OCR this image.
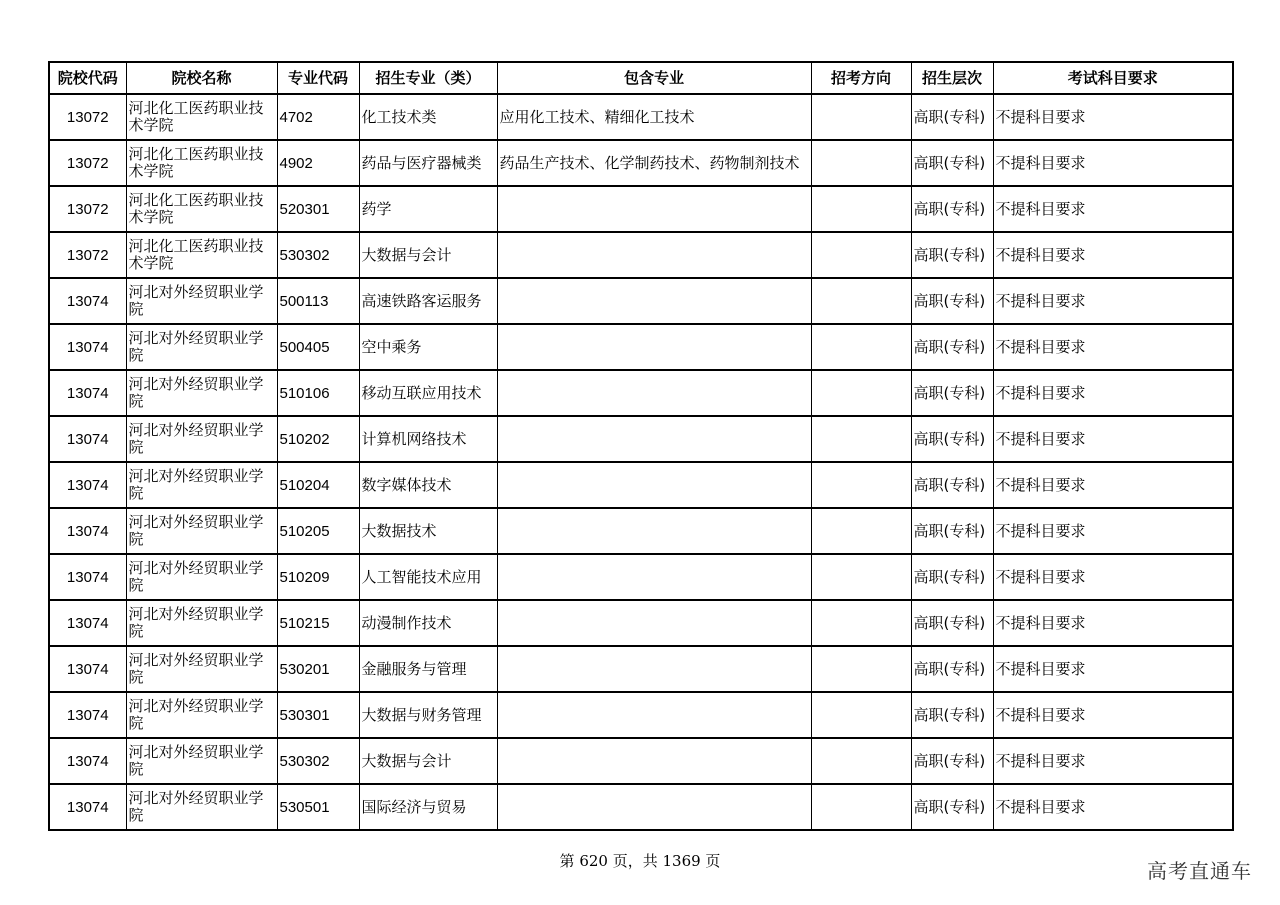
院校代码	院校名称	专业代码	招生专业（类）	包含专业	招考方向	招生层次	考试科目要求
13072	河北化工医药职业技术学院	4702	化工技术类	应用化工技术、精细化工技术		高职(专科)	不提科目要求
13072	河北化工医药职业技术学院	4902	药品与医疗器械类	药品生产技术、化学制药技术、药物制剂技术		高职(专科)	不提科目要求
13072	河北化工医药职业技术学院	520301	药学			高职(专科)	不提科目要求
13072	河北化工医药职业技术学院	530302	大数据与会计			高职(专科)	不提科目要求
13074	河北对外经贸职业学院	500113	高速铁路客运服务			高职(专科)	不提科目要求
13074	河北对外经贸职业学院	500405	空中乘务			高职(专科)	不提科目要求
13074	河北对外经贸职业学院	510106	移动互联应用技术			高职(专科)	不提科目要求
13074	河北对外经贸职业学院	510202	计算机网络技术			高职(专科)	不提科目要求
13074	河北对外经贸职业学院	510204	数字媒体技术			高职(专科)	不提科目要求
13074	河北对外经贸职业学院	510205	大数据技术			高职(专科)	不提科目要求
13074	河北对外经贸职业学院	510209	人工智能技术应用			高职(专科)	不提科目要求
13074	河北对外经贸职业学院	510215	动漫制作技术			高职(专科)	不提科目要求
13074	河北对外经贸职业学院	530201	金融服务与管理			高职(专科)	不提科目要求
13074	河北对外经贸职业学院	530301	大数据与财务管理			高职(专科)	不提科目要求
13074	河北对外经贸职业学院	530302	大数据与会计			高职(专科)	不提科目要求
13074	河北对外经贸职业学院	530501	国际经济与贸易			高职(专科)	不提科目要求
第 620 页，共 1369 页	高考直通车
